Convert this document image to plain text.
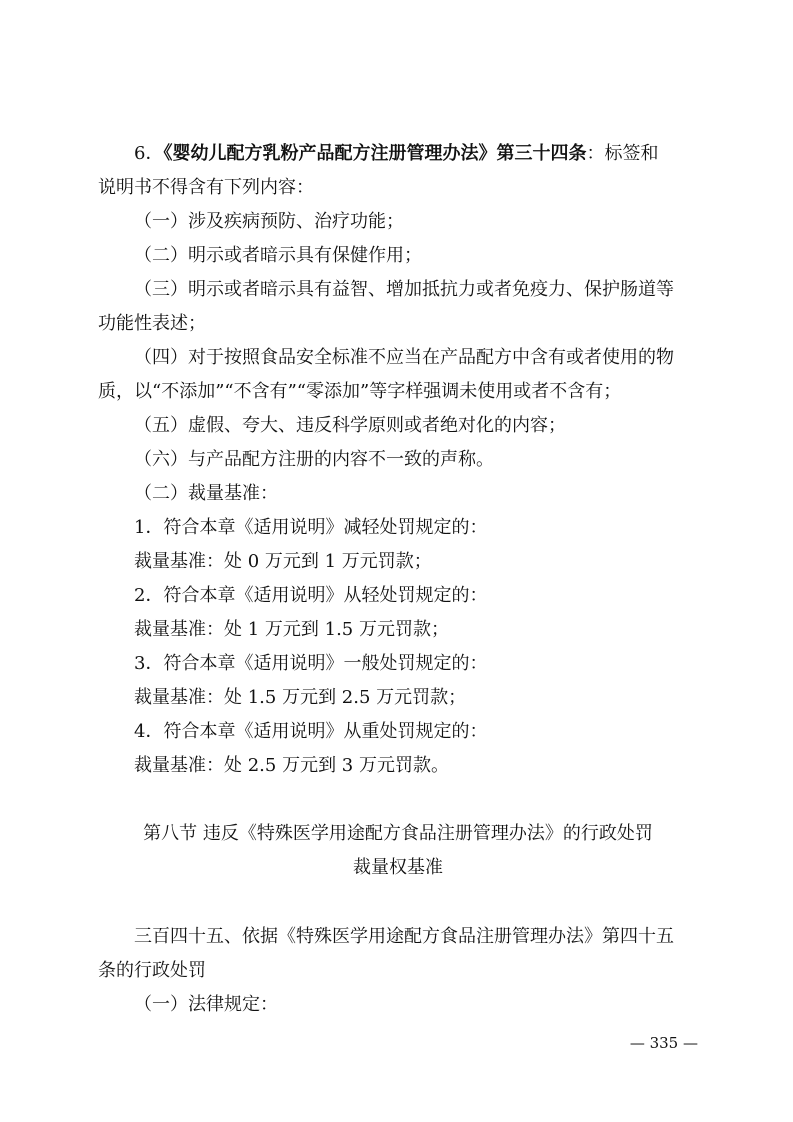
6．《婴幼儿配方乳粉产品配方注册管理办法》第三十四条：标签和
说明书不得含有下列内容：
（一）涉及疾病预防、治疗功能；
（二）明示或者暗示具有保健作用；
（三）明示或者暗示具有益智、增加抵抗力或者免疫力、保护肠道等
功能性表述；
（四）对于按照食品安全标准不应当在产品配方中含有或者使用的物
质，以“不添加”“不含有”“零添加”等字样强调未使用或者不含有；
（五）虚假、夸大、违反科学原则或者绝对化的内容；
（六）与产品配方注册的内容不一致的声称。
（二）裁量基准：
1．符合本章《适用说明》减轻处罚规定的：
裁量基准：处 0 万元到 1 万元罚款；
2．符合本章《适用说明》从轻处罚规定的：
裁量基准：处 1 万元到 1.5 万元罚款；
3．符合本章《适用说明》一般处罚规定的：
裁量基准：处 1.5 万元到 2.5 万元罚款；
4．符合本章《适用说明》从重处罚规定的：
裁量基准：处 2.5 万元到 3 万元罚款。
第八节 违反《特殊医学用途配方食品注册管理办法》的行政处罚
裁量权基准
三百四十五、依据《特殊医学用途配方食品注册管理办法》第四十五
条的行政处罚
（一）法律规定：
— 335 —
